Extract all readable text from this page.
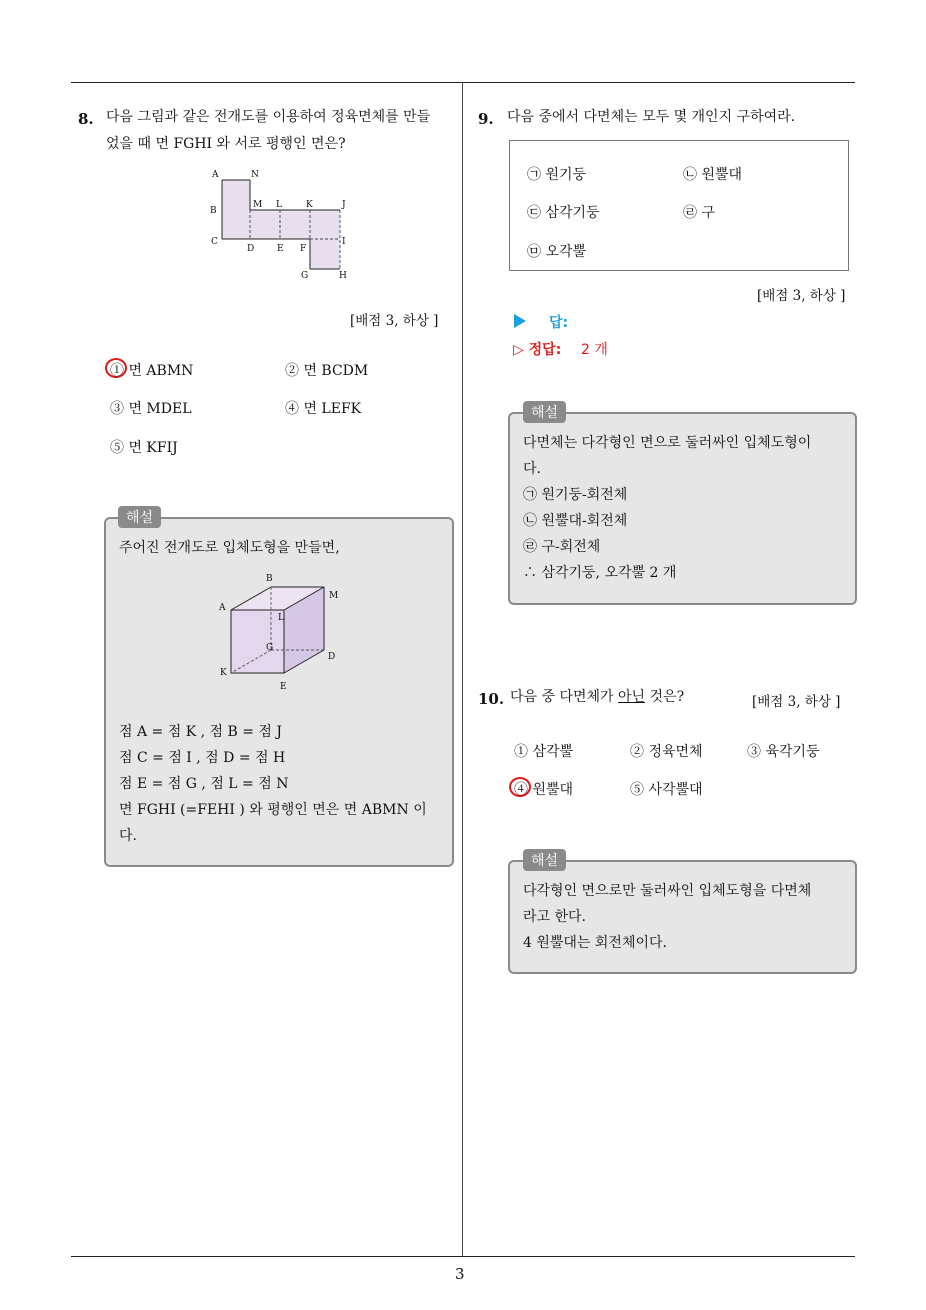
3
8. 다음 그림과 같은 전개도를 이용하여 정육면체를 만들
었을 때 면 FGHI 와 서로 평행인 면은?
A	N
B
M L	K	J
C
D	E F
I
G	H
[배점 3, 하상 ]
① 면 ABMN	② 면 BCDM
③ 면 MDEL	④ 면 LEFK
⑤ 면 KFIJ
해설
주어진 전개도로 입체도형을 만들면,
B
M
A
L
G
D
K
E
점 A = 점 K , 점 B = 점 J
점 C = 점 I , 점 D = 점 H
점 E = 점 G , 점 L = 점 N
면 FGHI (=FEHI ) 와 평행인 면은 면 ABMN 이
다.
9. 다음 중에서 다면체는 모두 몇 개인지 구하여라.
㉠ 원기둥	㉡ 원뿔대
㉢ 삼각기둥	㉣ 구
㉤ 오각뿔
[배점 3, 하상 ]
답:
▷ 정답: 2 개
해설
다면체는 다각형인 면으로 둘러싸인 입체도형이
다.
㉠ 원기둥-회전체
㉡ 원뿔대-회전체
㉣ 구-회전체
∴ 삼각기둥, 오각뿔 2 개
10. 다음 중 다면체가 아닌 것은?	[배점 3, 하상 ]
① 삼각뿔	② 정육면체	③ 육각기둥
④ 원뿔대	⑤ 사각뿔대
해설
다각형인 면으로만 둘러싸인 입체도형을 다면체
라고 한다.
4 원뿔대는 회전체이다.
